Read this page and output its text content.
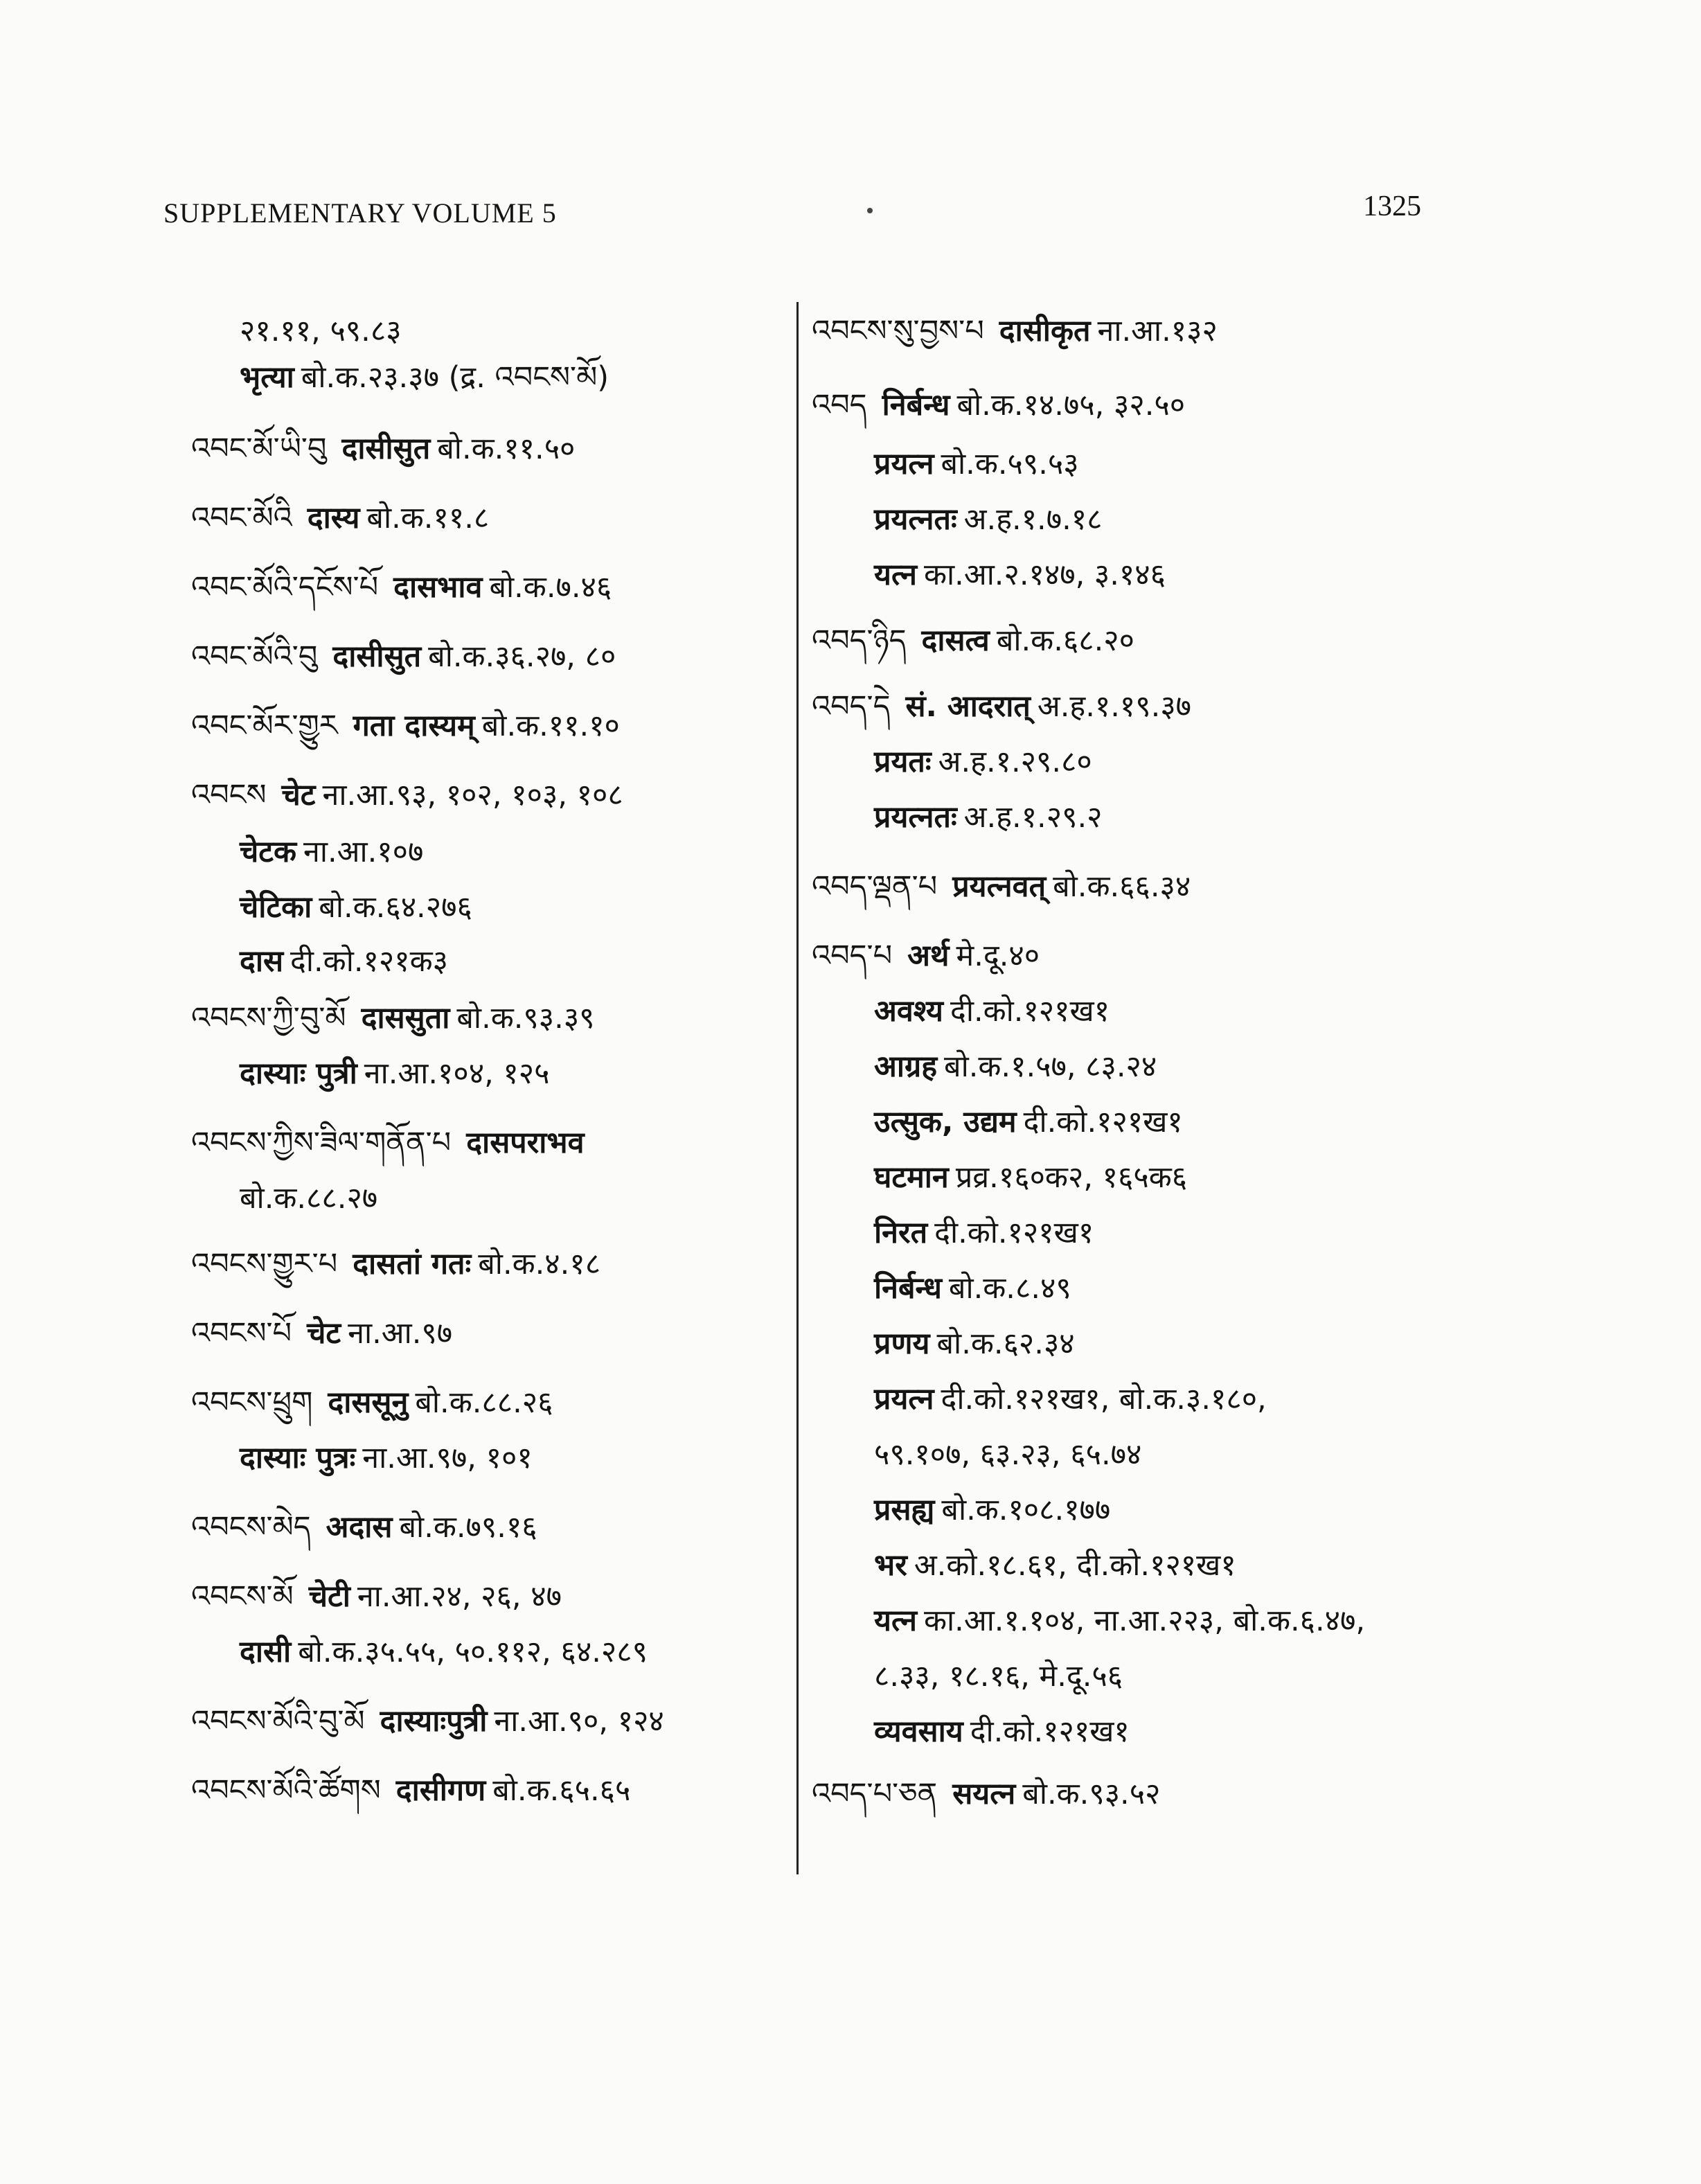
SUPPLEMENTARY VOLUME 5	1325
२१.११, ५९.८३
भृत्या बो.क.२३.३७ (द्र. འབངས་མོ)
འབང་མོ་ཡི་བུ दासीसुत बो.क.११.५०
འབང་མོའི दास्य बो.क.११.८
འབང་མོའི་དངོས་པོ दासभाव बो.क.७.४६
འབང་མོའི་བུ दासीसुत बो.क.३६.२७, ८०
འབང་མོར་གྱུར गता दास्यम् बो.क.११.१०
འབངས चेट ना.आ.९३, १०२, १०३, १०८
चेटक ना.आ.१०७
चेटिका बो.क.६४.२७६
दास दी.को.१२१क३
འབངས་ཀྱི་བུ་མོ दाससुता बो.क.९३.३९
दास्याः पुत्री ना.आ.१०४, १२५
འབངས་ཀྱིས་ཟིལ་གནོན་པ दासपराभव
बो.क.८८.२७
འབངས་གྱུར་པ दासतां गतः बो.क.४.१८
འབངས་པོ चेट ना.आ.९७
འབངས་ཕྲུག दाससूनु बो.क.८८.२६
दास्याः पुत्रः ना.आ.९७, १०१
འབངས་མེད अदास बो.क.७९.१६
འབངས་མོ चेटी ना.आ.२४, २६, ४७
दासी बो.क.३५.५५, ५०.११२, ६४.२८९
འབངས་མོའི་བུ་མོ दास्याःपुत्री ना.आ.९०, १२४
འབངས་མོའི་ཚོགས दासीगण बो.क.६५.६५
འབངས་སུ་བྱས་པ दासीकृत ना.आ.१३२
འབད निर्बन्ध बो.क.१४.७५, ३२.५०
प्रयत्न बो.क.५९.५३
प्रयत्नतः अ.ह.१.७.१८
यत्न का.आ.२.१४७, ३.१४६
འབད་ཉིད दासत्व बो.क.६८.२०
འབད་དེ सं. आदरात् अ.ह.१.१९.३७
प्रयतः अ.ह.१.२९.८०
प्रयत्नतः अ.ह.१.२९.२
འབད་ལྡན་པ प्रयत्नवत् बो.क.६६.३४
འབད་པ अर्थ मे.दू.४०
अवश्य दी.को.१२१ख१
आग्रह बो.क.१.५७, ८३.२४
उत्सुक, उद्यम दी.को.१२१ख१
घटमान प्रव्र.१६०क२, १६५क६
निरत दी.को.१२१ख१
निर्बन्ध बो.क.८.४९
प्रणय बो.क.६२.३४
प्रयत्न दी.को.१२१ख१, बो.क.३.१८०,
५९.१०७, ६३.२३, ६५.७४
प्रसह्य बो.क.१०८.१७७
भर अ.को.१८.६१, दी.को.१२१ख१
यत्न का.आ.१.१०४, ना.आ.२२३, बो.क.६.४७,
८.३३, १८.१६, मे.दू.५६
व्यवसाय दी.को.१२१ख१
འབད་པ་ཅན सयत्न बो.क.९३.५२
